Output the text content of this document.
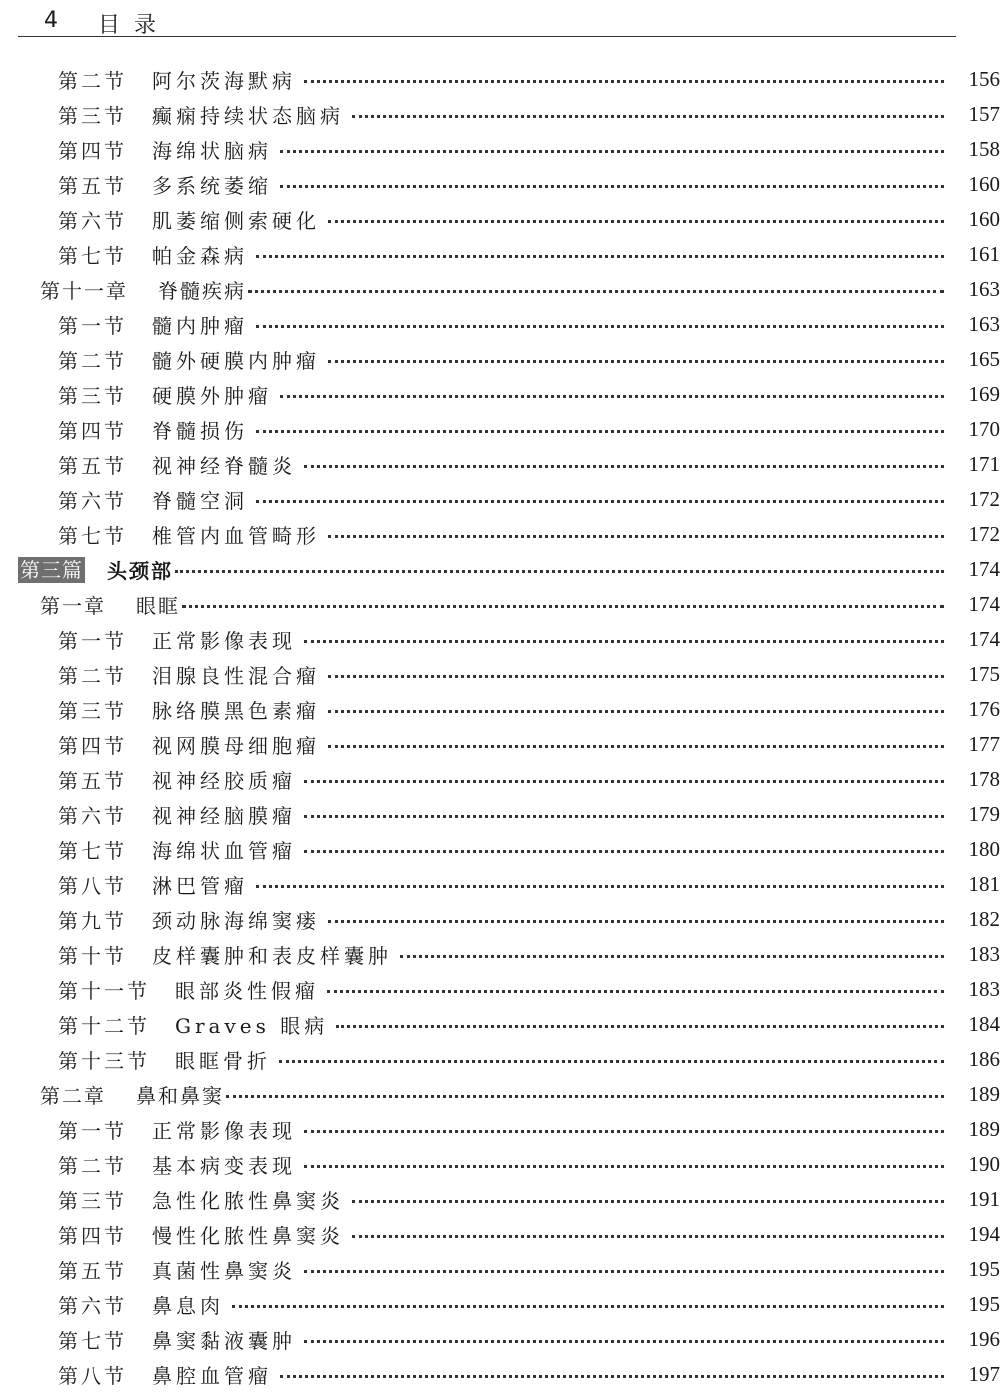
4 目录
第二节	阿尔茨海默病	156
第三节	癫痫持续状态脑病	157
第四节	海绵状脑病	158
第五节	多系统萎缩	160
第六节	肌萎缩侧索硬化	160
第七节	帕金森病	161
第十一章	脊髓疾病	163
第一节	髓内肿瘤	163
第二节	髓外硬膜内肿瘤	165
第三节	硬膜外肿瘤	169
第四节	脊髓损伤	170
第五节	视神经脊髓炎	171
第六节	脊髓空洞	172
第七节	椎管内血管畸形	172
第三篇 头颈部	174
第一章	眼眶	174
第一节	正常影像表现	174
第二节	泪腺良性混合瘤	175
第三节	脉络膜黑色素瘤	176
第四节	视网膜母细胞瘤	177
第五节	视神经胶质瘤	178
第六节	视神经脑膜瘤	179
第七节	海绵状血管瘤	180
第八节	淋巴管瘤	181
第九节	颈动脉海绵窦瘘	182
第十节	皮样囊肿和表皮样囊肿	183
第十一节	眼部炎性假瘤	183
第十二节	Graves 眼病	184
第十三节	眼眶骨折	186
第二章	鼻和鼻窦	189
第一节	正常影像表现	189
第二节	基本病变表现	190
第三节	急性化脓性鼻窦炎	191
第四节	慢性化脓性鼻窦炎	194
第五节	真菌性鼻窦炎	195
第六节	鼻息肉	195
第七节	鼻窦黏液囊肿	196
第八节	鼻腔血管瘤	197
